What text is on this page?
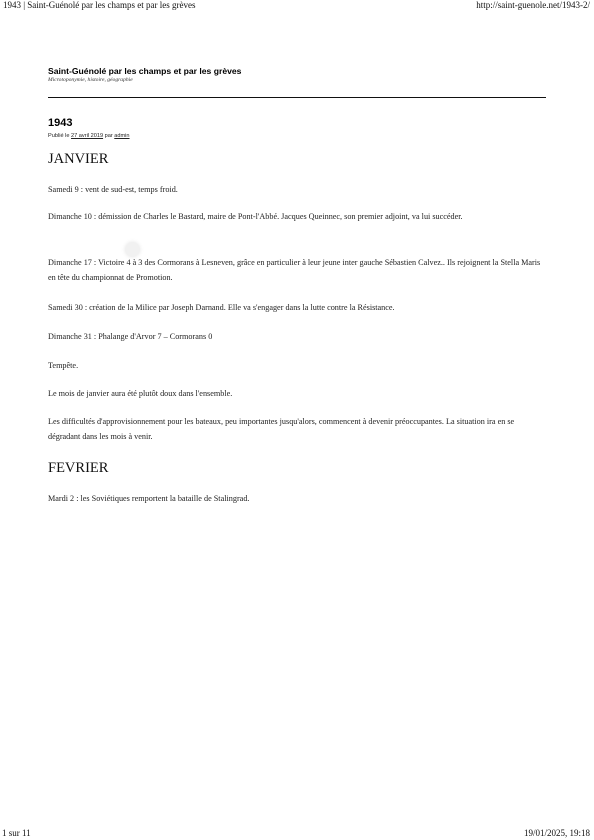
1943 | Saint-Guénolé par les champs et par les grèves	http://saint-guenole.net/1943-2/
Saint-Guénolé par les champs et par les grèves
Microtoponymie, histoire, géographie
1943
Publié le 27 avril 2019 par admin
JANVIER

Samedi 9 : vent de sud-est, temps froid.

Dimanche 10 : démission de Charles le Bastard, maire de Pont-l'Abbé. Jacques Queinnec, son premier adjoint, va lui succéder.

Dimanche 17 : Victoire 4 à 3 des Cormorans à Lesneven, grâce en particulier à leur jeune inter gauche Sébastien Calvez.. Ils rejoignent la Stella Maris en tête du championnat de Promotion.

Samedi 30 : création de la Milice par Joseph Darnand. Elle va s'engager dans la lutte contre la Résistance.

Dimanche 31 : Phalange d'Arvor 7 – Cormorans 0

Tempête.

Le mois de janvier aura été plutôt doux dans l'ensemble.

Les difficultés d'approvisionnement pour les bateaux, peu importantes jusqu'alors, commencent à devenir préoccupantes. La situation ira en se dégradant dans les mois à venir.

FEVRIER

Mardi 2 : les Soviétiques remportent la bataille de Stalingrad.

1 sur 11	19/01/2025, 19:18
